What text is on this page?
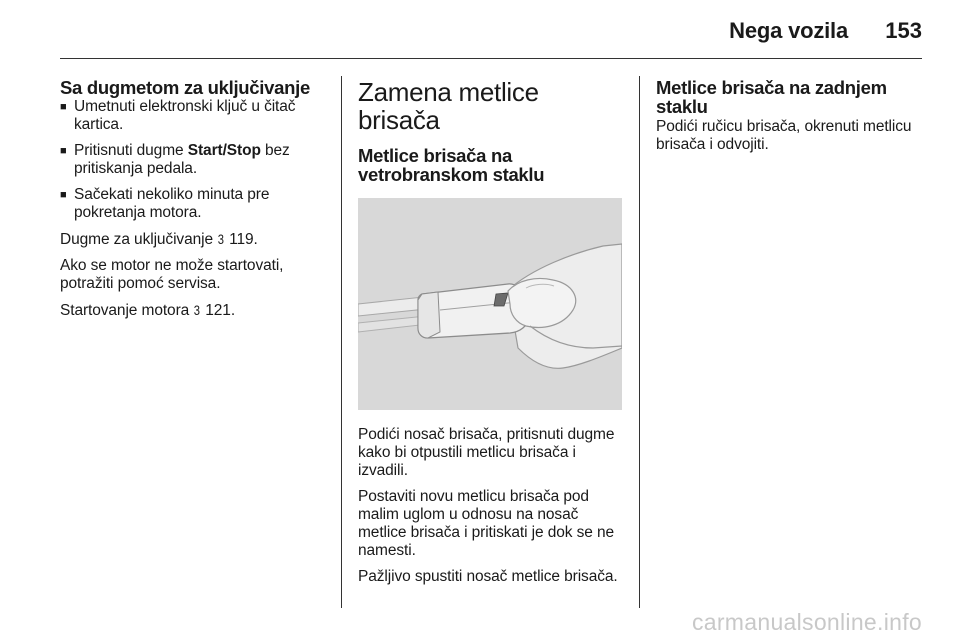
Nega vozila 153
Sa dugmetom za uključivanje
■ Umetnuti elektronski ključ u čitač kartica.
■ Pritisnuti dugme Start/Stop bez pritiskanja pedala.
■ Sačekati nekoliko minuta pre pokretanja motora.

Dugme za uključivanje 3 119.

Ako se motor ne može startovati, potražiti pomoć servisa.

Startovanje motora 3 121.

Zamena metlice brisača
Metlice brisača na vetrobranskom staklu

Podići nosač brisača, pritisnuti dugme kako bi otpustili metlicu brisača i izvadili.

Postaviti novu metlicu brisača pod malim uglom u odnosu na nosač metlice brisača i pritiskati je dok se ne namesti.

Pažljivo spustiti nosač metlice brisača.

Metlice brisača na zadnjem staklu

Podići ručicu brisača, okrenuti metlicu brisača i odvojiti.

carmanualsonline.info
